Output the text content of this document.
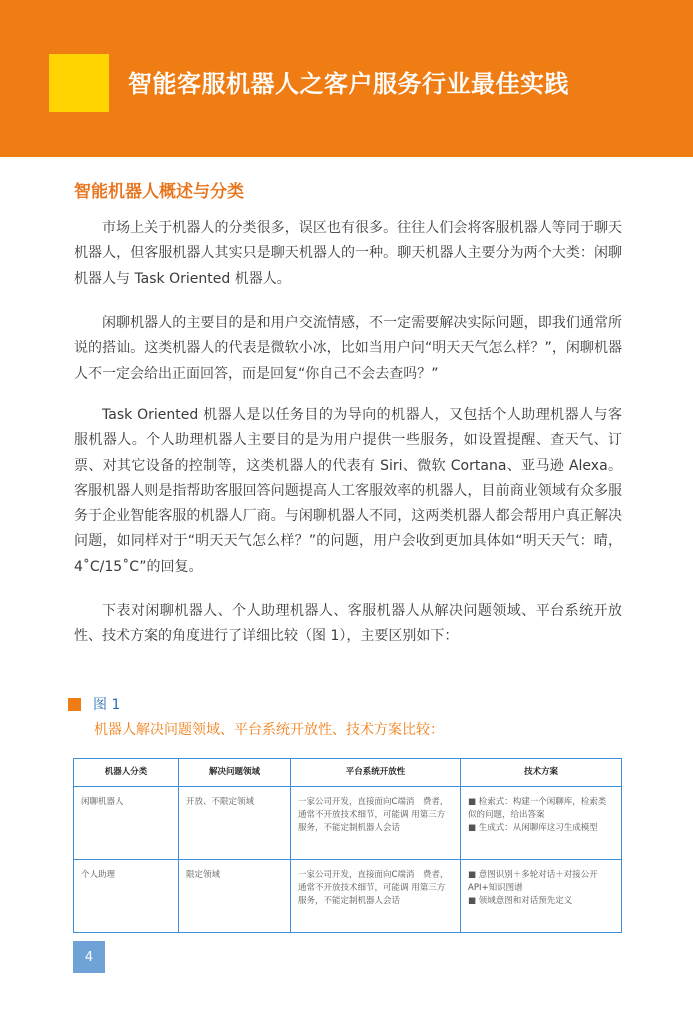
智能客服机器人之客户服务行业最佳实践
智能机器人概述与分类

市场上关于机器人的分类很多，误区也有很多。往往人们会将客服机器人等同于聊天机器人，但客服机器人其实只是聊天机器人的一种。聊天机器人主要分为两个大类：闲聊机器人与 Task Oriented 机器人。

闲聊机器人的主要目的是和用户交流情感，不一定需要解决实际问题，即我们通常所说的搭讪。这类机器人的代表是微软小冰，比如当用户问“明天天气怎么样？”，闲聊机器人不一定会给出正面回答，而是回复“你自己不会去查吗？”

Task Oriented 机器人是以任务目的为导向的机器人，又包括个人助理机器人与客服机器人。个人助理机器人主要目的是为用户提供一些服务，如设置提醒、查天气、订票、对其它设备的控制等，这类机器人的代表有 Siri、微软 Cortana、亚马逊 Alexa。客服机器人则是指帮助客服回答问题提高人工客服效率的机器人，目前商业领域有众多服务于企业智能客服的机器人厂商。与闲聊机器人不同，这两类机器人都会帮用户真正解决问题，如同样对于“明天天气怎么样？”的问题，用户会收到更加具体如“明天天气：晴，4˚C/15˚C”的回复。

下表对闲聊机器人、个人助理机器人、客服机器人从解决问题领域、平台系统开放性、技术方案的角度进行了详细比较（图 1），主要区别如下：

图 1
机器人解决问题领域、平台系统开放性、技术方案比较：
机器人分类	解决问题领域	平台系统开放性	技术方案
闲聊机器人	开放、不限定领域	一家公司开发，直接面向C端消　费者，通常不开放技术细节，可能调 用第三方服务，不能定制机器人会话	■ 检索式：构建一个闲聊库，检索类似的问题，给出答案
■ 生成式：从闲聊库这习生成模型

个人助理	限定领域	一家公司开发，直接面向C端消　费者，通常不开放技术细节，可能调 用第三方服务，不能定制机器人会话	■ 意图识别＋多轮对话＋对接公开API+知识图谱
■ 领域意图和对话预先定义
4
